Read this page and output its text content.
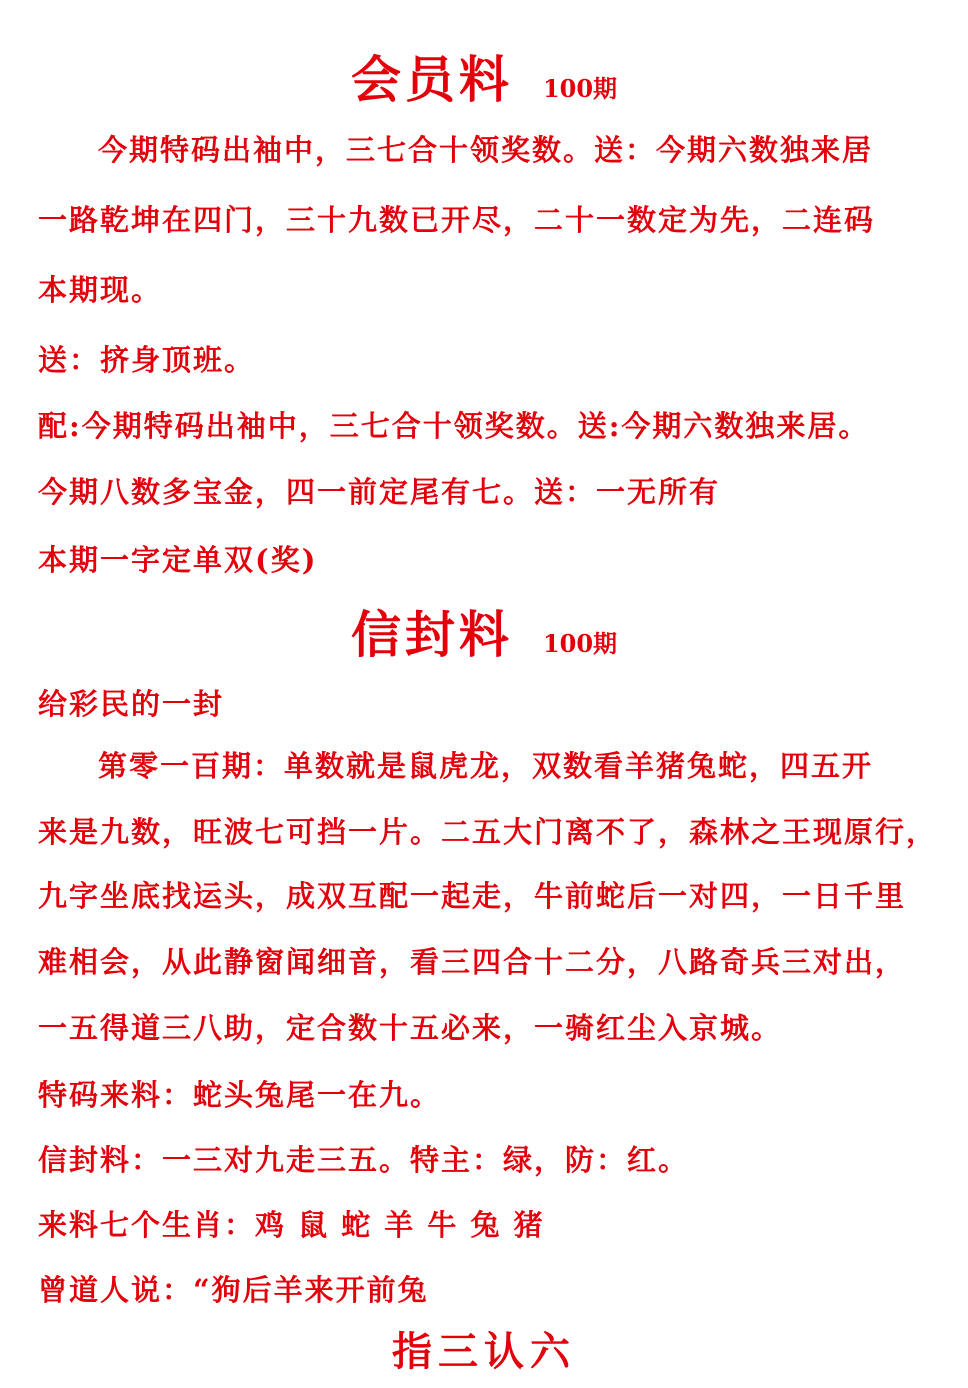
会员料 100期
今期特码出袖中，三七合十领奖数。送：今期六数独来居
一路乾坤在四门，三十九数已开尽，二十一数定为先，二连码
本期现。
送：挤身顶班。
配:今期特码出袖中，三七合十领奖数。送:今期六数独来居。
今期八数多宝金，四一前定尾有七。送：一无所有
本期一字定单双(奖)
信封料 100期
给彩民的一封
第零一百期：单数就是鼠虎龙，双数看羊猪兔蛇，四五开
来是九数，旺波七可挡一片。二五大门离不了，森林之王现原行，
九字坐底找运头，成双互配一起走，牛前蛇后一对四，一日千里
难相会，从此静窗闻细音，看三四合十二分，八路奇兵三对出，
一五得道三八助，定合数十五必来，一骑红尘入京城。
特码来料：蛇头兔尾一在九。
信封料：一三对九走三五。特主：绿，防：红。
来料七个生肖：鸡 鼠 蛇 羊 牛 兔 猪
曾道人说：“狗后羊来开前兔
指三认六
